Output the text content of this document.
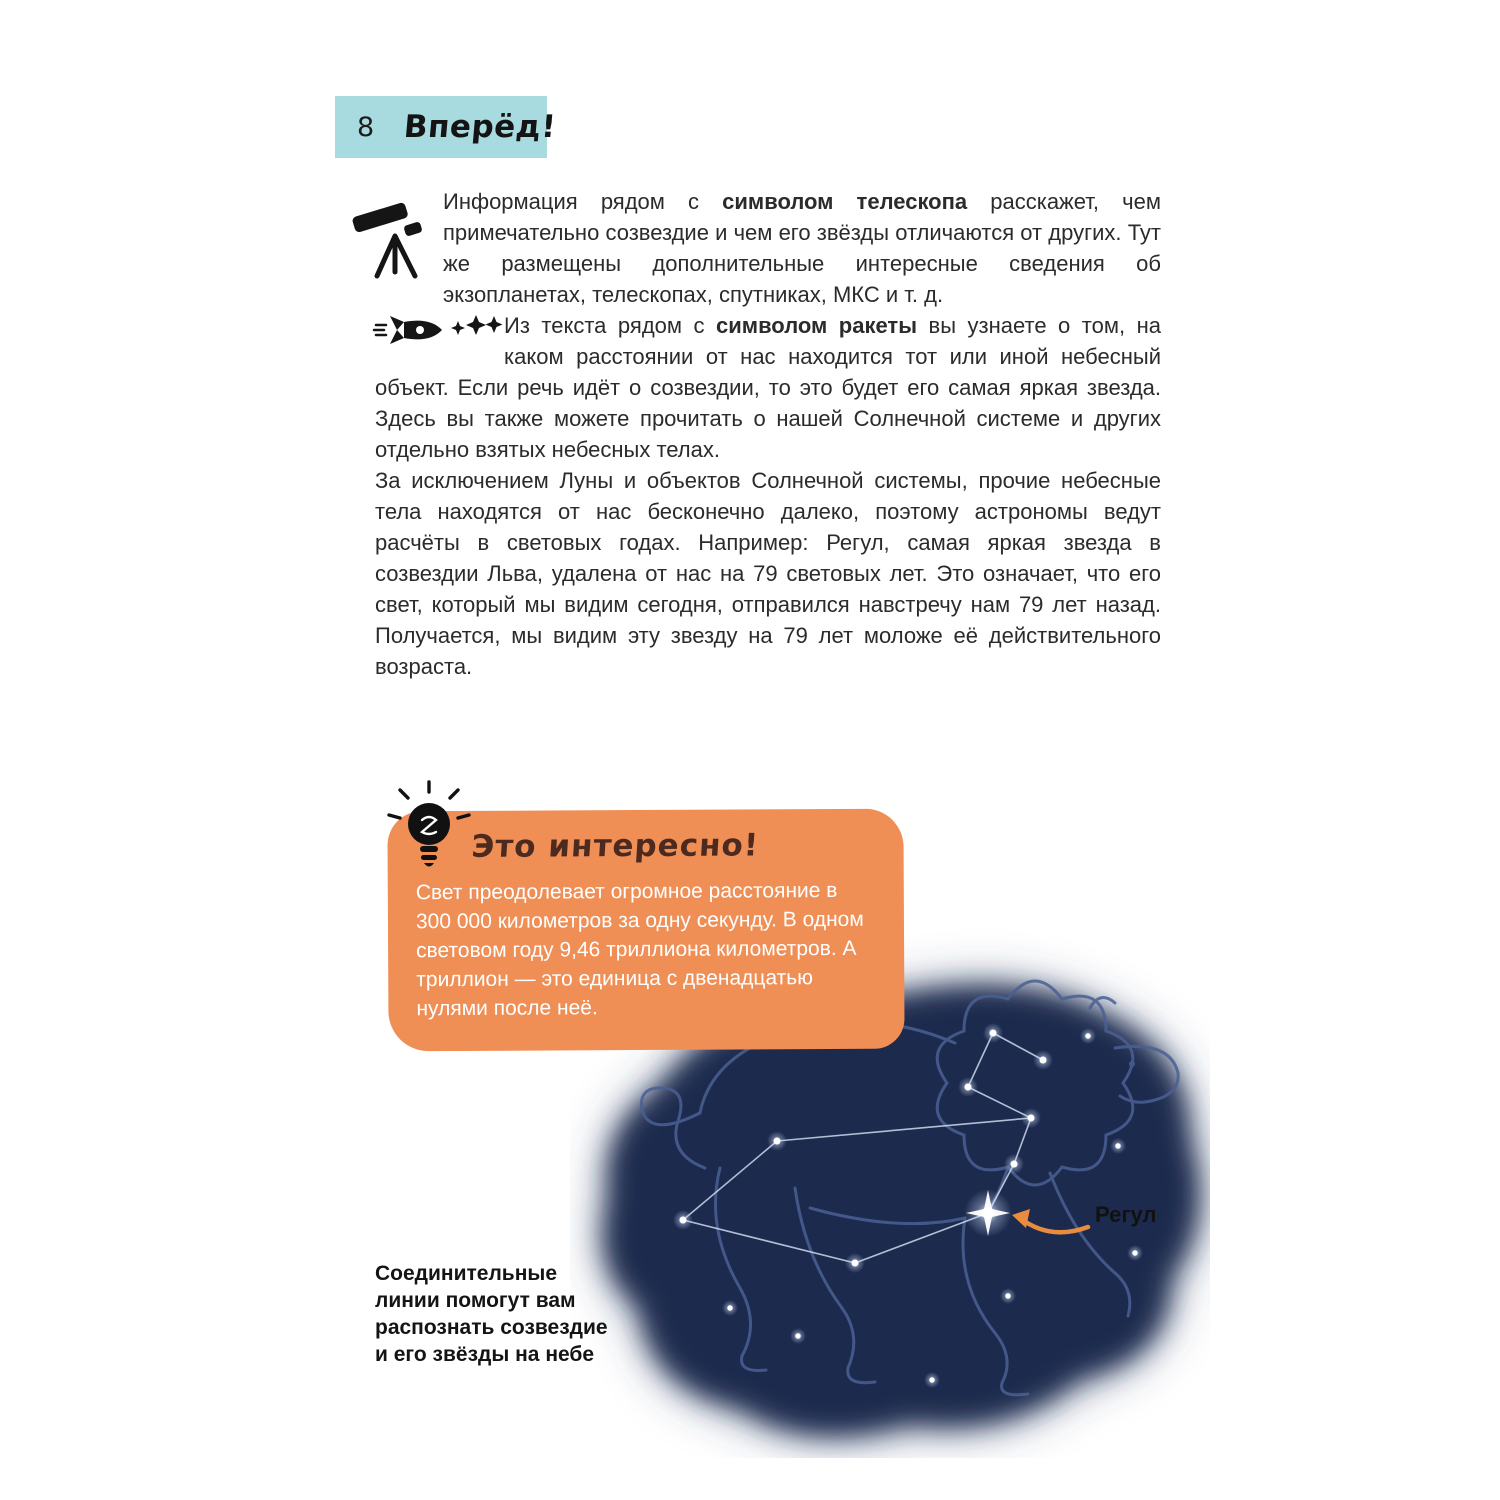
8 Вперёд!

Информация рядом с символом телескопа расскажет, чем примечательно созвездие и чем его звёзды отличаются от других. Тут же размещены дополнительные интересные сведения об экзопланетах, телескопах, спутниках, МКС и т. д.

Из текста рядом с символом ракеты вы узнаете о том, на каком расстоянии от нас находится тот или иной небесный объект. Если речь идёт о созвездии, то это будет его самая яркая звезда. Здесь вы также можете прочитать о нашей Солнечной системе и других отдельно взятых небесных телах.

За исключением Луны и объектов Солнечной системы, прочие небесные тела находятся от нас бесконечно далеко, поэтому астрономы ведут расчёты в световых годах. Например: Регул, самая яркая звезда в созвездии Льва, удалена от нас на 79 световых лет. Это означает, что его свет, который мы видим сегодня, отправился навстречу нам 79 лет назад. Получается, мы видим эту звезду на 79 лет моложе её действительного возраста.

Регул
Это интересно!
Свет преодолевает огромное расстояние в 300 000 километров за одну секунду. В одном световом году 9,46 триллиона километров. А триллион — это единица с двенадцатью нулями после неё.
Соединительные линии помогут вам распознать созвездие и его звёзды на небе
